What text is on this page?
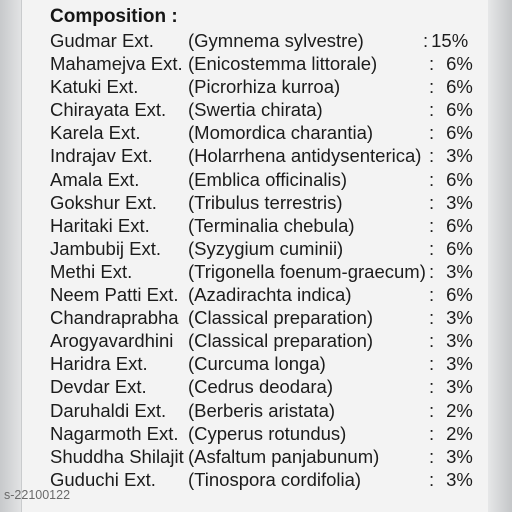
Composition :
Gudmar Ext. (Gymnema sylvestre)	: 15%
Mahamejva Ext. (Enicostemma littorale)	: 6%
Katuki Ext.	(Picrorhiza kurroa)	: 6%
Chirayata Ext. (Swertia chirata)	: 6%
Karela Ext.	(Momordica charantia)	: 6%
Indrajav Ext. (Holarrhena antidysenterica) : 3%
Amala Ext.	(Emblica officinalis)	: 6%
Gokshur Ext. (Tribulus terrestris)	: 3%
Haritaki Ext. (Terminalia chebula)	: 6%
Jambubij Ext. (Syzygium cuminii)	: 6%
Methi Ext.	(Trigonella foenum-graecum) : 3%
Neem Patti Ext. (Azadirachta indica)	: 6%
Chandraprabha (Classical preparation)	: 3%
Arogyavardhini (Classical preparation)	: 3%
Haridra Ext. (Curcuma longa)	: 3%
Devdar Ext. (Cedrus deodara)	: 3%
Daruhaldi Ext. (Berberis aristata)	: 2%
Nagarmoth Ext. (Cyperus rotundus)	: 2%
Shuddha Shilajit (Asfaltum panjabunum)	: 3%
Guduchi Ext. (Tinospora cordifolia)	: 3%
s-22100122
